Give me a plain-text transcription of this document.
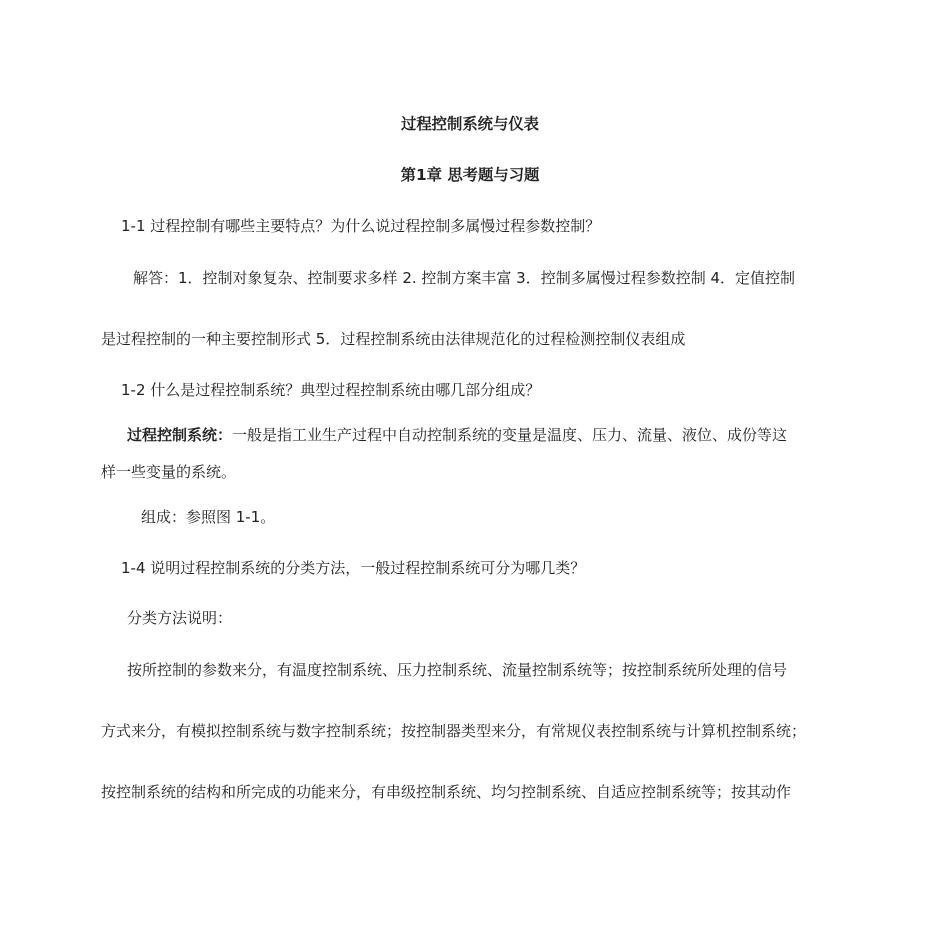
过程控制系统与仪表
第1章 思考题与习题
1-1 过程控制有哪些主要特点？为什么说过程控制多属慢过程参数控制？
解答：1．控制对象复杂、控制要求多样 2. 控制方案丰富 3．控制多属慢过程参数控制 4．定值控制
是过程控制的一种主要控制形式 5．过程控制系统由法律规范化的过程检测控制仪表组成
1-2 什么是过程控制系统？典型过程控制系统由哪几部分组成？
过程控制系统：一般是指工业生产过程中自动控制系统的变量是温度、压力、流量、液位、成份等这
样一些变量的系统。
组成：参照图 1-1。
1-4 说明过程控制系统的分类方法，一般过程控制系统可分为哪几类？
分类方法说明：
按所控制的参数来分，有温度控制系统、压力控制系统、流量控制系统等；按控制系统所处理的信号
方式来分，有模拟控制系统与数字控制系统；按控制器类型来分，有常规仪表控制系统与计算机控制系统；
按控制系统的结构和所完成的功能来分，有串级控制系统、均匀控制系统、自适应控制系统等；按其动作
